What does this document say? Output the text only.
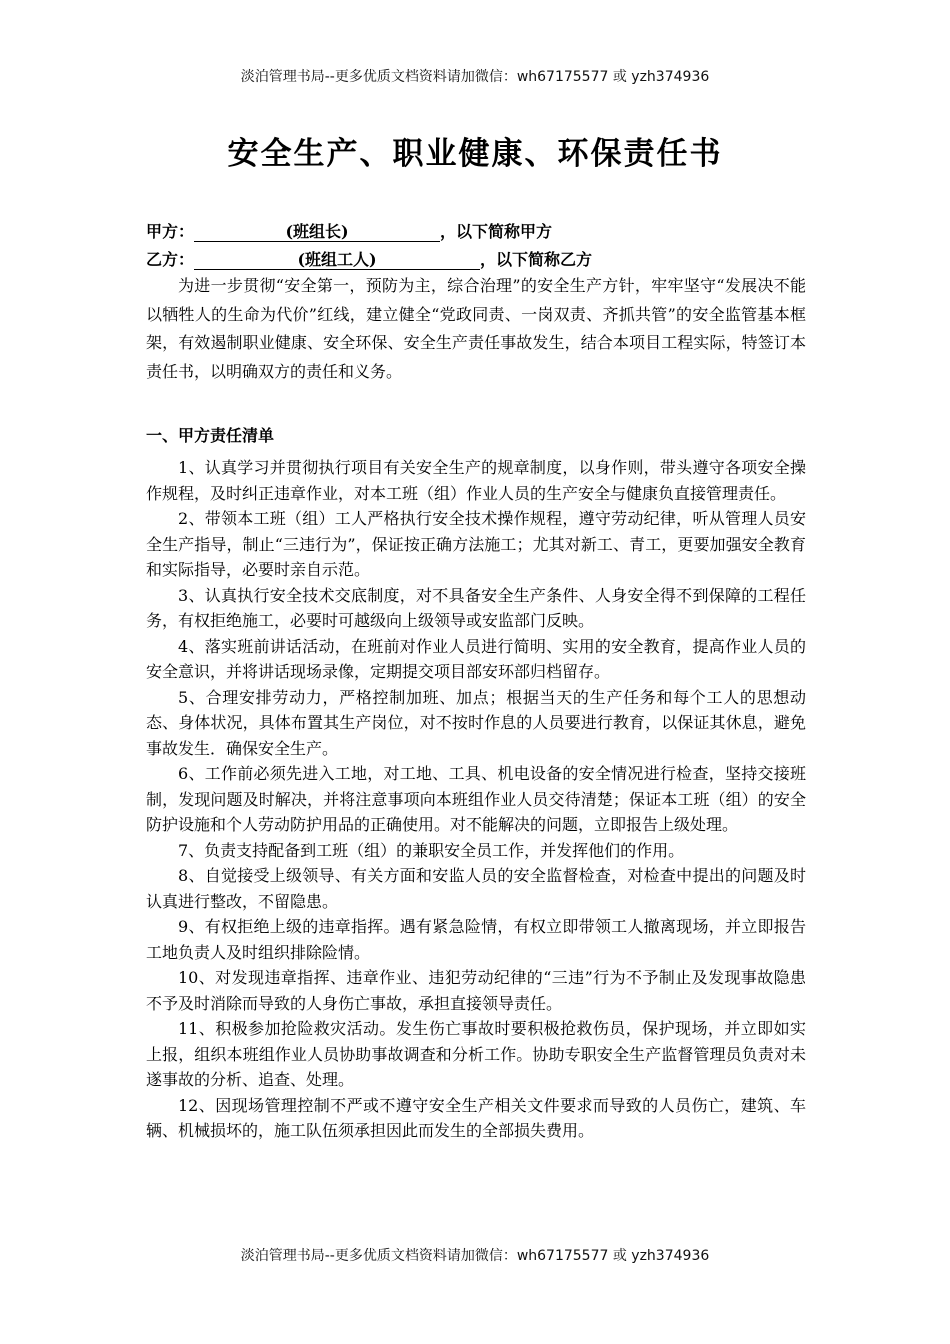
淡泊管理书局--更多优质文档资料请加微信：wh67175577 或 yzh374936
安全生产、职业健康、环保责任书
甲方：	(班组长)	，以下简称甲方
乙方：	(班组工人)	，以下简称乙方

为进一步贯彻“安全第一，预防为主，综合治理”的安全生产方针，牢牢坚守“发展决不能以牺牲人的生命为代价”红线，建立健全“党政同责、一岗双责、齐抓共管”的安全监管基本框架，有效遏制职业健康、安全环保、安全生产责任事故发生，结合本项目工程实际，特签订本责任书，以明确双方的责任和义务。

一、甲方责任清单

1、认真学习并贯彻执行项目有关安全生产的规章制度，以身作则，带头遵守各项安全操作规程，及时纠正违章作业，对本工班（组）作业人员的生产安全与健康负直接管理责任。

2、带领本工班（组）工人严格执行安全技术操作规程，遵守劳动纪律，听从管理人员安全生产指导，制止“三违行为”，保证按正确方法施工；尤其对新工、青工，更要加强安全教育和实际指导，必要时亲自示范。

3、认真执行安全技术交底制度，对不具备安全生产条件、人身安全得不到保障的工程任务，有权拒绝施工，必要时可越级向上级领导或安监部门反映。

4、落实班前讲话活动，在班前对作业人员进行简明、实用的安全教育，提高作业人员的安全意识，并将讲话现场录像，定期提交项目部安环部归档留存。

5、合理安排劳动力，严格控制加班、加点；根据当天的生产任务和每个工人的思想动态、身体状况，具体布置其生产岗位，对不按时作息的人员要进行教育，以保证其休息，避免事故发生．确保安全生产。

6、工作前必须先进入工地，对工地、工具、机电设备的安全情况进行检查，坚持交接班制，发现问题及时解决，并将注意事项向本班组作业人员交待清楚；保证本工班（组）的安全防护设施和个人劳动防护用品的正确使用。对不能解决的问题，立即报告上级处理。

7、负责支持配备到工班（组）的兼职安全员工作，并发挥他们的作用。

8、自觉接受上级领导、有关方面和安监人员的安全监督检查，对检查中提出的问题及时认真进行整改，不留隐患。

9、有权拒绝上级的违章指挥。遇有紧急险情，有权立即带领工人撤离现场，并立即报告工地负责人及时组织排除险情。

10、对发现违章指挥、违章作业、违犯劳动纪律的“三违”行为不予制止及发现事故隐患不予及时消除而导致的人身伤亡事故，承担直接领导责任。

11、积极参加抢险救灾活动。发生伤亡事故时要积极抢救伤员，保护现场，并立即如实上报，组织本班组作业人员协助事故调查和分析工作。协助专职安全生产监督管理员负责对未遂事故的分析、追查、处理。

12、因现场管理控制不严或不遵守安全生产相关文件要求而导致的人员伤亡，建筑、车辆、机械损坏的，施工队伍须承担因此而发生的全部损失费用。

淡泊管理书局--更多优质文档资料请加微信：wh67175577 或 yzh374936
